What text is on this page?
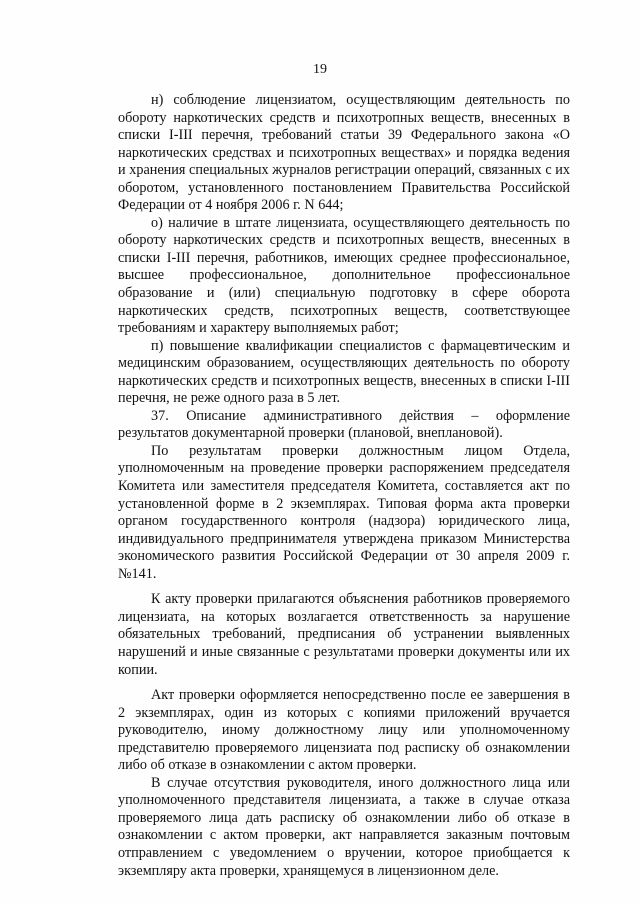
19

н) соблюдение лицензиатом, осуществляющим деятельность по обороту наркотических средств и психотропных веществ, внесенных в списки I-III перечня, требований статьи 39 Федерального закона «О наркотических средствах и психотропных веществах» и порядка ведения и хранения специальных журналов регистрации операций, связанных с их оборотом, установленного постановлением Правительства Российской Федерации от 4 ноября 2006 г. N 644;

о) наличие в штате лицензиата, осуществляющего деятельность по обороту наркотических средств и психотропных веществ, внесенных в списки I-III перечня, работников, имеющих среднее профессиональное, высшее профессиональное, дополнительное профессиональное образование и (или) специальную подготовку в сфере оборота наркотических средств, психотропных веществ, соответствующее требованиям и характеру выполняемых работ;

п) повышение квалификации специалистов с фармацевтическим и медицинским образованием, осуществляющих деятельность по обороту наркотических средств и психотропных веществ, внесенных в списки I-III перечня, не реже одного раза в 5 лет.

37. Описание административного действия – оформление результатов документарной проверки (плановой, внеплановой).

По результатам проверки должностным лицом Отдела, уполномоченным на проведение проверки распоряжением председателя Комитета или заместителя председателя Комитета, составляется акт по установленной форме в 2 экземплярах. Типовая форма акта проверки органом государственного контроля (надзора) юридического лица, индивидуального предпринимателя утверждена приказом Министерства экономического развития Российской Федерации от 30 апреля 2009 г. №141.

К акту проверки прилагаются объяснения работников проверяемого лицензиата, на которых возлагается ответственность за нарушение обязательных требований, предписания об устранении выявленных нарушений и иные связанные с результатами проверки документы или их копии.

Акт проверки оформляется непосредственно после ее завершения в 2 экземплярах, один из которых с копиями приложений вручается руководителю, иному должностному лицу или уполномоченному представителю проверяемого лицензиата под расписку об ознакомлении либо об отказе в ознакомлении с актом проверки.

В случае отсутствия руководителя, иного должностного лица или уполномоченного представителя лицензиата, а также в случае отказа проверяемого лица дать расписку об ознакомлении либо об отказе в ознакомлении с актом проверки, акт направляется заказным почтовым отправлением с уведомлением о вручении, которое приобщается к экземпляру акта проверки, хранящемуся в лицензионном деле.
